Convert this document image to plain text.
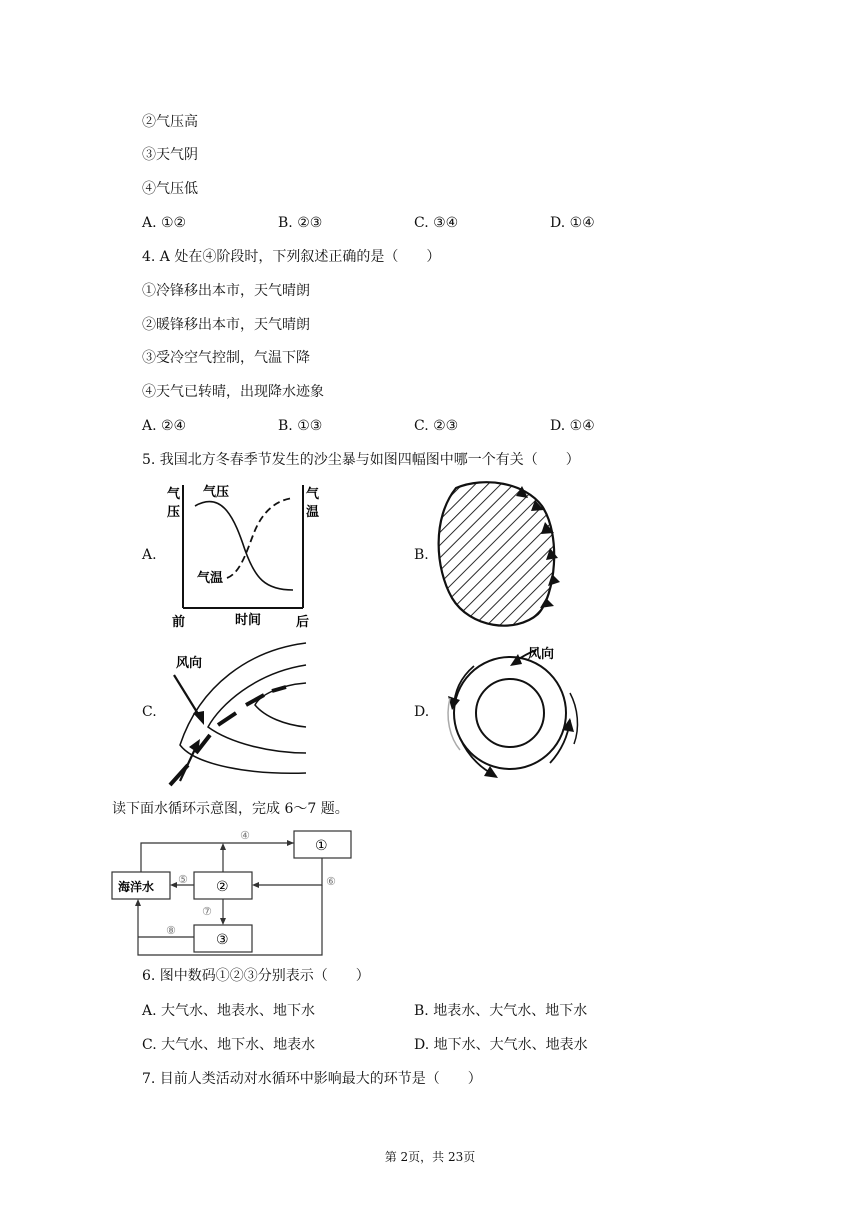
②气压高
③天气阴
④气压低
A. ①②	B. ②③	C. ③④	D. ①④
4. A 处在④阶段时，下列叙述正确的是（　　）
①冷锋移出本市，天气晴朗
②暖锋移出本市，天气晴朗
③受冷空气控制，气温下降
④天气已转晴，出现降水迹象
A. ②④	B. ①③	C. ②③	D. ①④
5. 我国北方冬春季节发生的沙尘暴与如图四幅图中哪一个有关（　　）
A.	B.
C.	D.
气
压
气
温
气压
气温
前	时间	后
风向
风向
读下面水循环示意图，完成 6～7 题。
海洋水
①
②
③
④
⑤	⑥
⑦
⑧
6. 图中数码①②③分别表示（　　）
A. 大气水、地表水、地下水	B. 地表水、大气水、地下水
C. 大气水、地下水、地表水	D. 地下水、大气水、地表水
7. 目前人类活动对水循环中影响最大的环节是（　　）
第 2页，共 23页
